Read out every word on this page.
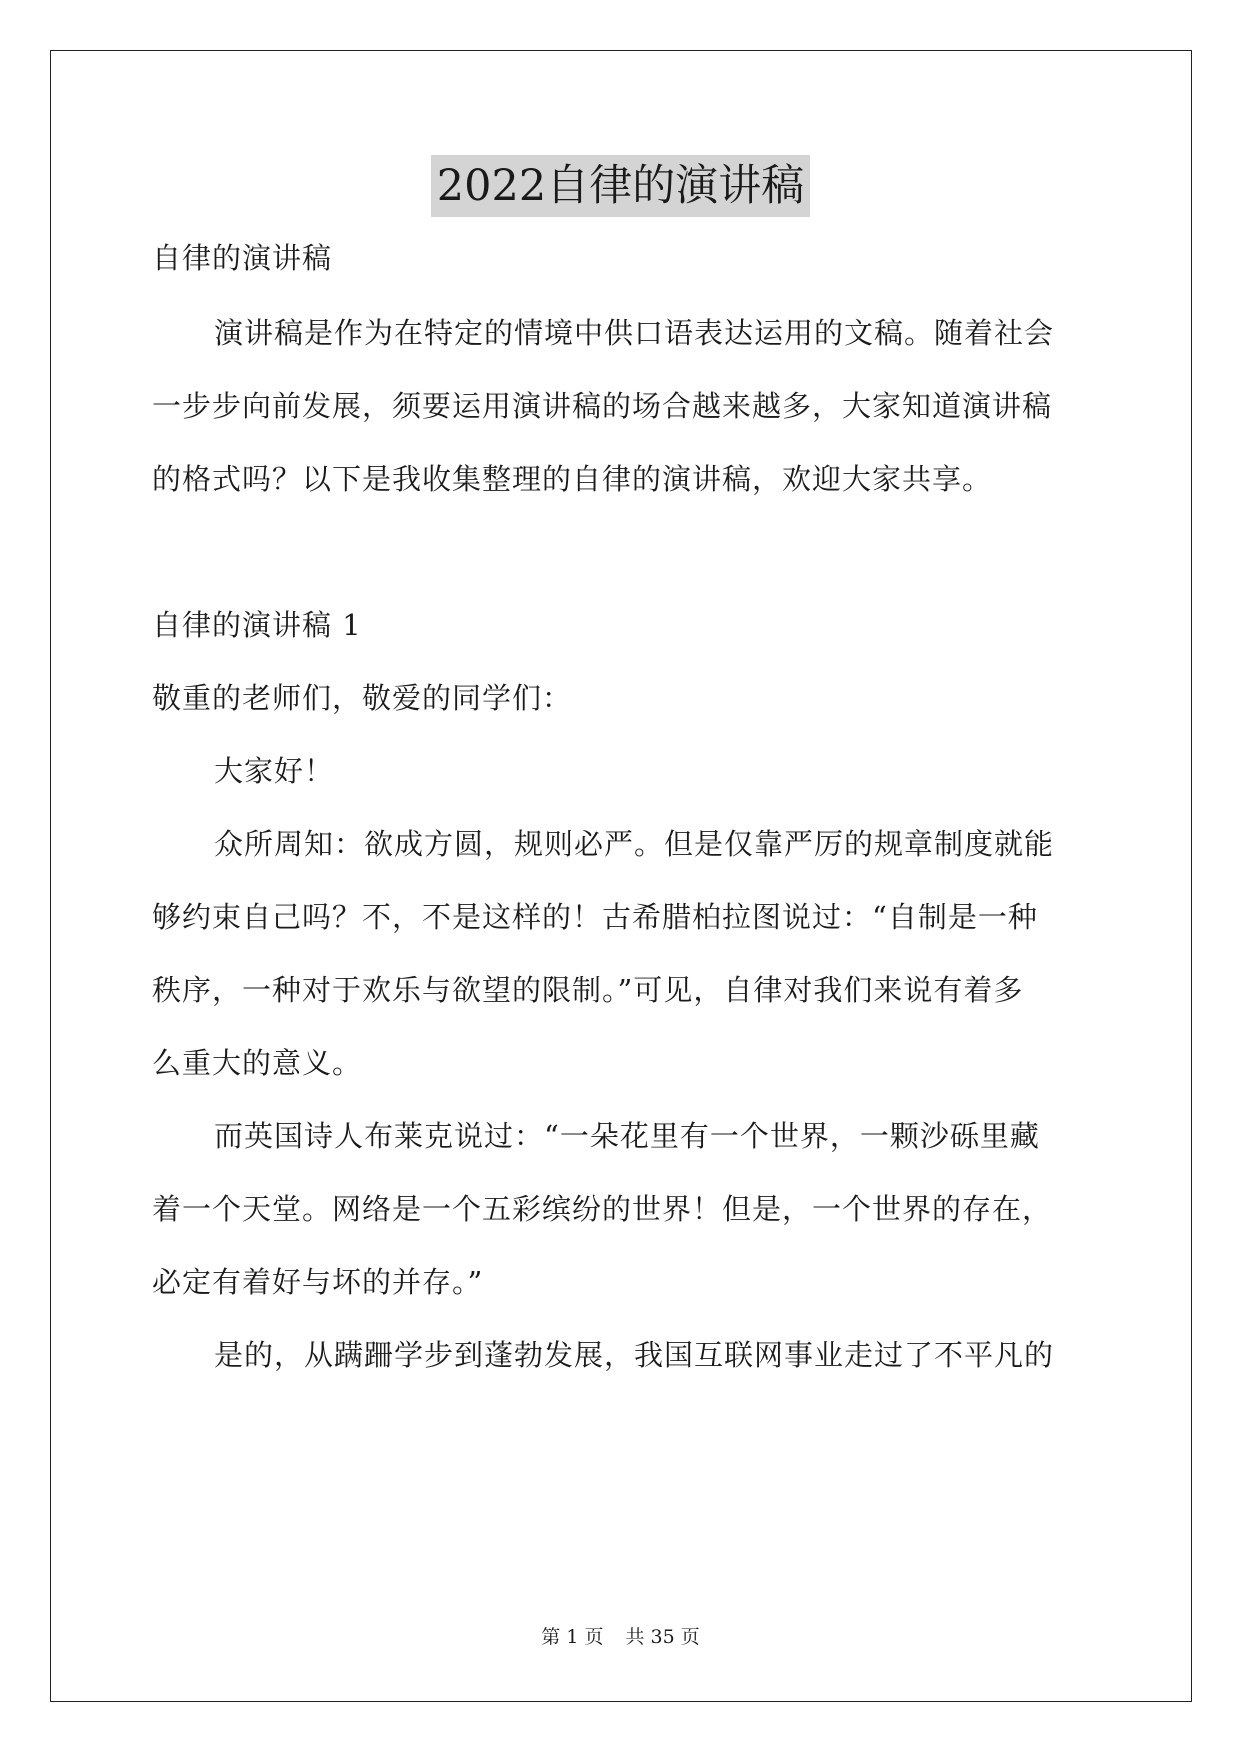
2022自律的演讲稿
自律的演讲稿
演讲稿是作为在特定的情境中供口语表达运用的文稿。随着社会
一步步向前发展，须要运用演讲稿的场合越来越多，大家知道演讲稿
的格式吗？以下是我收集整理的自律的演讲稿，欢迎大家共享。
自律的演讲稿 1
敬重的老师们，敬爱的同学们：
大家好！
众所周知：欲成方圆，规则必严。但是仅靠严厉的规章制度就能
够约束自己吗？不，不是这样的！古希腊柏拉图说过：“自制是一种
秩序，一种对于欢乐与欲望的限制。”可见，自律对我们来说有着多
么重大的意义。
而英国诗人布莱克说过：“一朵花里有一个世界，一颗沙砾里藏
着一个天堂。网络是一个五彩缤纷的世界！但是，一个世界的存在，
必定有着好与坏的并存。”
是的，从蹒跚学步到蓬勃发展，我国互联网事业走过了不平凡的
第 1 页 共 35 页
